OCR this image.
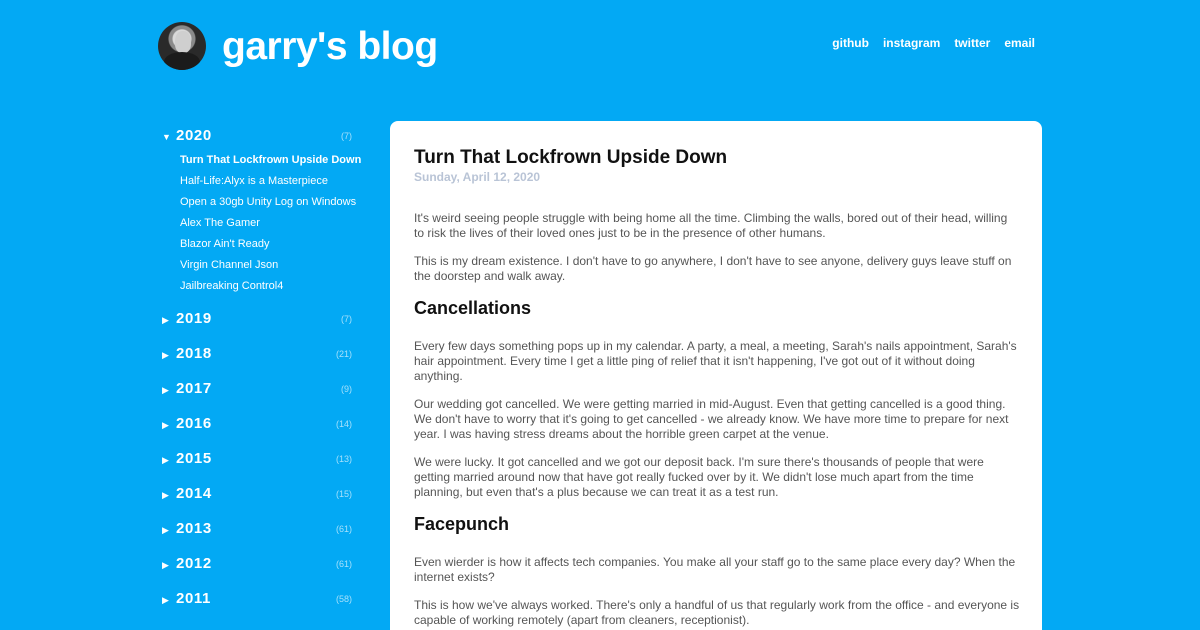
garry's blog	github instagram twitter email
▼ 2020	(7)
Turn That Lockfrown Upside Down
Half-Life:Alyx is a Masterpiece
Open a 30gb Unity Log on Windows
Alex The Gamer
Blazor Ain't Ready
Virgin Channel Json
Jailbreaking Control4
▶ 2019	(7)
▶ 2018	(21)
▶ 2017	(9)
▶ 2016	(14)
▶ 2015	(13)
▶ 2014	(15)
▶ 2013	(61)
▶ 2012	(61)
▶ 2011	(58)
Turn That Lockfrown Upside Down
Sunday, April 12, 2020

It's weird seeing people struggle with being home all the time. Climbing the walls, bored out of their head, willing to risk the lives of their loved ones just to be in the presence of other humans.

This is my dream existence. I don't have to go anywhere, I don't have to see anyone, delivery guys leave stuff on the doorstep and walk away.

Cancellations

Every few days something pops up in my calendar. A party, a meal, a meeting, Sarah's nails appointment, Sarah's hair appointment. Every time I get a little ping of relief that it isn't happening, I've got out of it without doing anything.

Our wedding got cancelled. We were getting married in mid-August. Even that getting cancelled is a good thing. We don't have to worry that it's going to get cancelled - we already know. We have more time to prepare for next year. I was having stress dreams about the horrible green carpet at the venue.

We were lucky. It got cancelled and we got our deposit back. I'm sure there's thousands of people that were getting married around now that have got really fucked over by it. We didn't lose much apart from the time planning, but even that's a plus because we can treat it as a test run.

Facepunch

Even wierder is how it affects tech companies. You make all your staff go to the same place every day? When the internet exists?

This is how we've always worked. There's only a handful of us that regularly work from the office - and everyone is capable of working remotely (apart from cleaners, receptionist).
